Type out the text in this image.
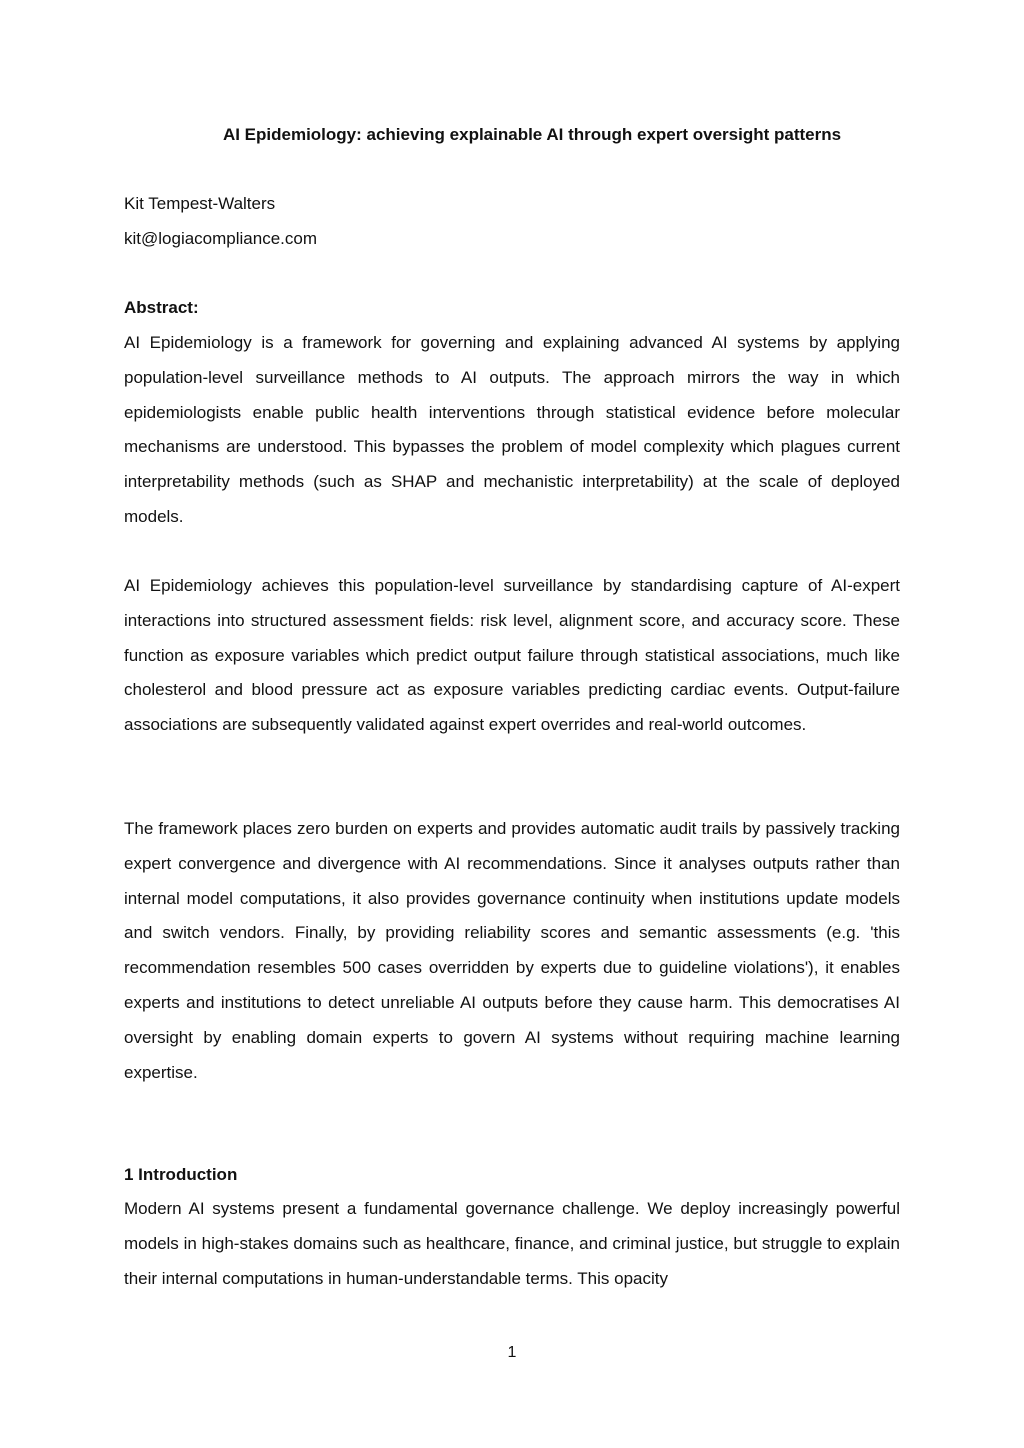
AI Epidemiology: achieving explainable AI through expert oversight patterns
Kit Tempest-Walters
kit@logiacompliance.com
Abstract:

AI Epidemiology is a framework for governing and explaining advanced AI systems by applying population-level surveillance methods to AI outputs. The approach mirrors the way in which epidemiologists enable public health interventions through statistical evidence before molecular mechanisms are understood. This bypasses the problem of model complexity which plagues current interpretability methods (such as SHAP and mechanistic interpretability) at the scale of deployed models.

AI Epidemiology achieves this population-level surveillance by standardising capture of AI-expert interactions into structured assessment fields: risk level, alignment score, and accuracy score. These function as exposure variables which predict output failure through statistical associations, much like cholesterol and blood pressure act as exposure variables predicting cardiac events. Output-failure associations are subsequently validated against expert overrides and real-world outcomes.

The framework places zero burden on experts and provides automatic audit trails by passively tracking expert convergence and divergence with AI recommendations. Since it analyses outputs rather than internal model computations, it also provides governance continuity when institutions update models and switch vendors. Finally, by providing reliability scores and semantic assessments (e.g. 'this recommendation resembles 500 cases overridden by experts due to guideline violations'), it enables experts and institutions to detect unreliable AI outputs before they cause harm. This democratises AI oversight by enabling domain experts to govern AI systems without requiring machine learning expertise.

1 Introduction

Modern AI systems present a fundamental governance challenge. We deploy increasingly powerful models in high-stakes domains such as healthcare, finance, and criminal justice, but struggle to explain their internal computations in human-understandable terms. This opacity

1
